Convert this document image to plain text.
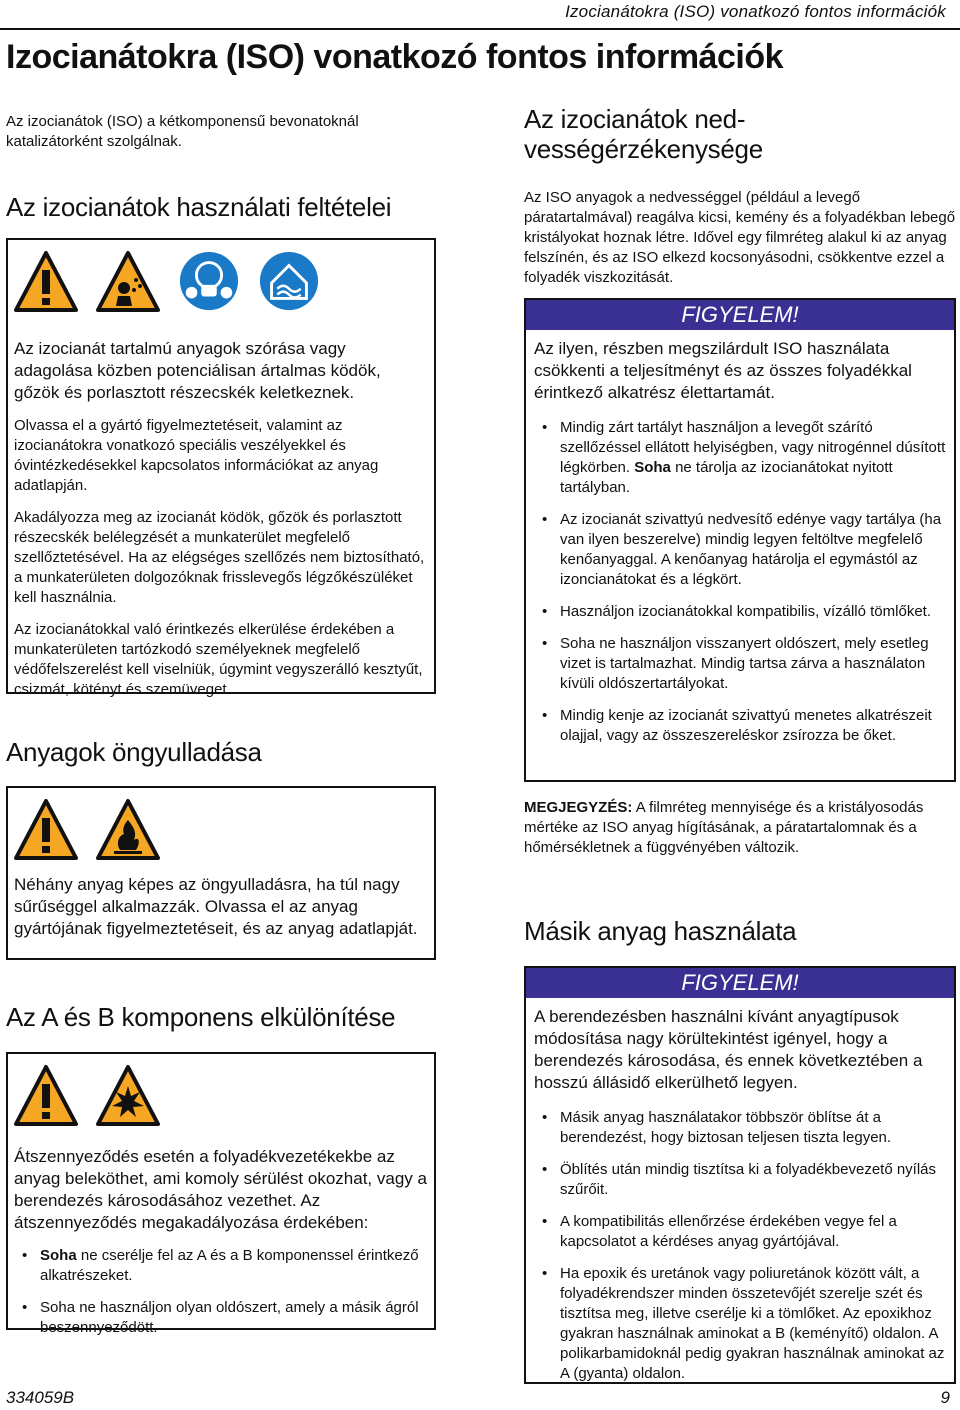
Izocianátokra (ISO) vonatkozó fontos információk
Izocianátokra (ISO) vonatkozó fontos információk

Az izocianátok (ISO) a kétkomponensű bevonatoknál katalizátorként szolgálnak.

Az izocianátok használati feltételei

Az izocianát tartalmú anyagok szórása vagy adagolása közben potenciálisan ártalmas ködök, gőzök és porlasztott részecskék keletkeznek.

Olvassa el a gyártó figyelmeztetéseit, valamint az izocianátokra vonatkozó speciális veszélyekkel és óvintézkedésekkel kapcsolatos információkat az anyag adatlapján.

Akadályozza meg az izocianát ködök, gőzök és porlasztott részecskék belélegzését a munkaterület megfelelő szellőztetésével. Ha az elégséges szellőzés nem biztosítható, a munkaterületen dolgozóknak frisslevegős légzőkészüléket kell használnia.

Az izocianátokkal való érintkezés elkerülése érdekében a munkaterületen tartózkodó személyeknek megfelelő védőfelszerelést kell viselniük, úgymint vegyszerálló kesztyűt, csizmát, kötényt és szemüveget.

Anyagok öngyulladása

Néhány anyag képes az öngyulladásra, ha túl nagy sűrűséggel alkalmazzák. Olvassa el az anyag gyártójának figyelmeztetéseit, és az anyag adatlapját.

Az A és B komponens elkülönítése

Átszennyeződés esetén a folyadékvezetékekbe az anyag beleköthet, ami komoly sérülést okozhat, vagy a berendezés károsodásához vezethet. Az átszennyeződés megakadályozása érdekében:

• Soha ne cserélje fel az A és a B komponenssel érintkező alkatrészeket.
• Soha ne használjon olyan oldószert, amely a másik ágról beszennyeződött.
Az izocianátok ned-
vességérzékenysége

Az ISO anyagok a nedvességgel (például a levegő páratartalmával) reagálva kicsi, kemény és a folyadékban lebegő kristályokat hoznak létre. Idővel egy filmréteg alakul ki az anyag felszínén, és az ISO elkezd kocsonyásodni, csökkentve ezzel a folyadék viszkozitását.

FIGYELEM!

Az ilyen, részben megszilárdult ISO használata csökkenti a teljesítményt és az összes folyadékkal érintkező alkatrész élettartamát.

• Mindig zárt tartályt használjon a levegőt szárító szellőzéssel ellátott helyiségben, vagy nitrogénnel dúsított légkörben. Soha ne tárolja az izocianátokat nyitott tartályban.
• Az izocianát szivattyú nedvesítő edénye vagy tartálya (ha van ilyen beszerelve) mindig legyen feltöltve megfelelő kenőanyaggal. A kenőanyag határolja el egymástól az izoncianátokat és a légkört.
• Használjon izocianátokkal kompatibilis, vízálló tömlőket.
• Soha ne használjon visszanyert oldószert, mely esetleg vizet is tartalmazhat. Mindig tartsa zárva a használaton kívüli oldószertartályokat.
• Mindig kenje az izocianát szivattyú menetes alkatrészeit olajjal, vagy az összeszereléskor zsírozza be őket.

MEGJEGYZÉS: A filmréteg mennyisége és a kristályosodás mértéke az ISO anyag hígításának, a páratartalomnak és a hőmérsékletnek a függvényében változik.

Másik anyag használata
FIGYELEM!

A berendezésben használni kívánt anyagtípusok módosítása nagy körültekintést igényel, hogy a berendezés károsodása, és ennek következtében a hosszú állásidő elkerülhető legyen.

• Másik anyag használatakor többször öblítse át a berendezést, hogy biztosan teljesen tiszta legyen.
• Öblítés után mindig tisztítsa ki a folyadékbevezető nyílás szűrőit.
• A kompatibilitás ellenőrzése érdekében vegye fel a kapcsolatot a kérdéses anyag gyártójával.
• Ha epoxik és uretánok vagy poliuretánok között vált, a folyadékrendszer minden összetevőjét szerelje szét és tisztítsa meg, illetve cserélje ki a tömlőket. Az epoxikhoz gyakran használnak aminokat a B (keményítő) oldalon. A polikarbamidoknál pedig gyakran használnak aminokat az A (gyanta) oldalon.
334059B	9
